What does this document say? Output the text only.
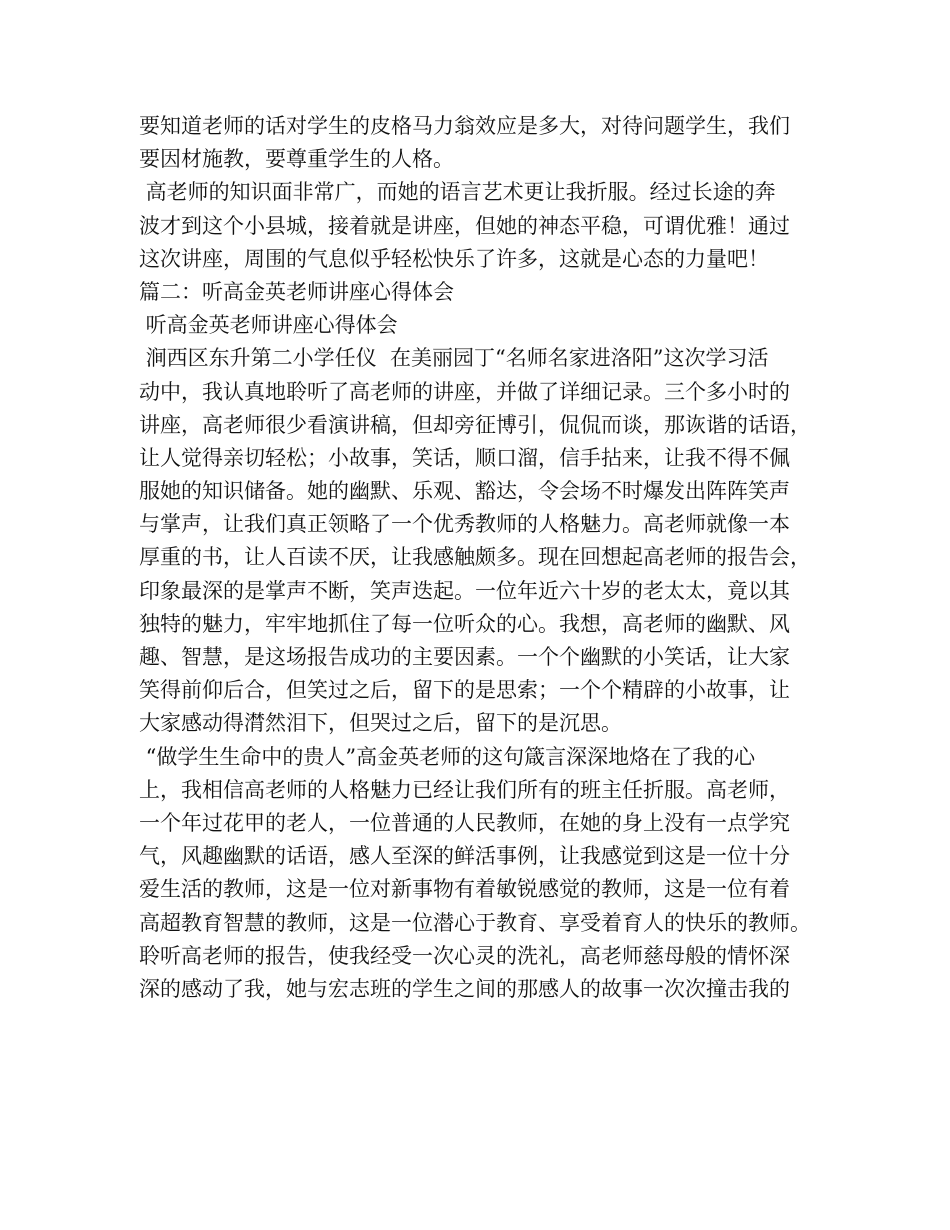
要知道老师的话对学生的皮格马力翁效应是多大，对待问题学生，我们
要因材施教，要尊重学生的人格。
高老师的知识面非常广，而她的语言艺术更让我折服。经过长途的奔
波才到这个小县城，接着就是讲座，但她的神态平稳，可谓优雅！通过
这次讲座，周围的气息似乎轻松快乐了许多，这就是心态的力量吧！
篇二：听高金英老师讲座心得体会
听高金英老师讲座心得体会
涧西区东升第二小学任仪  在美丽园丁“名师名家进洛阳”这次学习活
动中，我认真地聆听了高老师的讲座，并做了详细记录。三个多小时的
讲座，高老师很少看演讲稿，但却旁征博引，侃侃而谈，那诙谐的话语，
让人觉得亲切轻松；小故事，笑话，顺口溜，信手拈来，让我不得不佩
服她的知识储备。她的幽默、乐观、豁达，令会场不时爆发出阵阵笑声
与掌声，让我们真正领略了一个优秀教师的人格魅力。高老师就像一本
厚重的书，让人百读不厌，让我感触颇多。现在回想起高老师的报告会，
印象最深的是掌声不断，笑声迭起。一位年近六十岁的老太太，竟以其
独特的魅力，牢牢地抓住了每一位听众的心。我想，高老师的幽默、风
趣、智慧，是这场报告成功的主要因素。一个个幽默的小笑话，让大家
笑得前仰后合，但笑过之后，留下的是思索；一个个精辟的小故事，让
大家感动得潸然泪下，但哭过之后，留下的是沉思。
“做学生生命中的贵人”高金英老师的这句箴言深深地烙在了我的心
上，我相信高老师的人格魅力已经让我们所有的班主任折服。高老师，
一个年过花甲的老人，一位普通的人民教师，在她的身上没有一点学究
气，风趣幽默的话语，感人至深的鲜活事例，让我感觉到这是一位十分
爱生活的教师，这是一位对新事物有着敏锐感觉的教师，这是一位有着
高超教育智慧的教师，这是一位潜心于教育、享受着育人的快乐的教师。
聆听高老师的报告，使我经受一次心灵的洗礼，高老师慈母般的情怀深
深的感动了我，她与宏志班的学生之间的那感人的故事一次次撞击我的
